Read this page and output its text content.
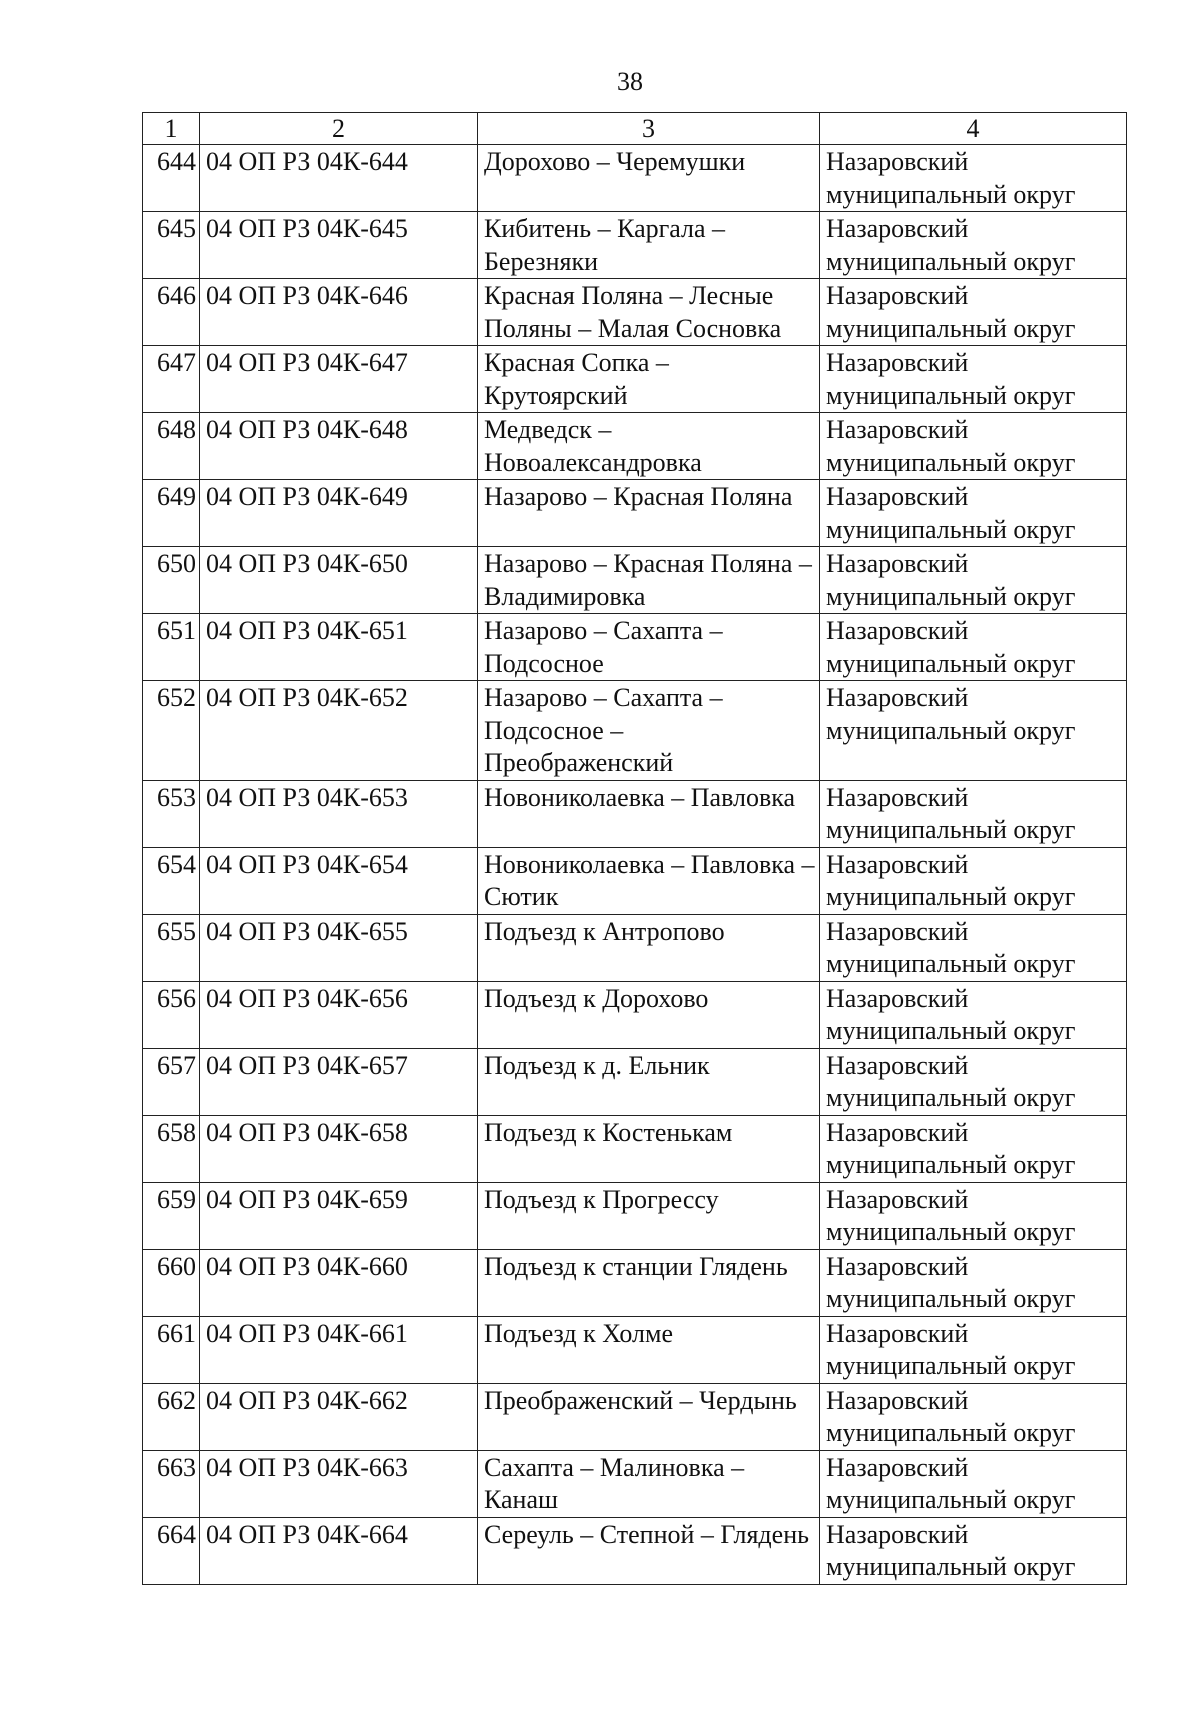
38
1	2	3	4
644	04 ОП РЗ 04К-644	Дорохово – Черемушки	Назаровский
муниципальный округ

645	04 ОП РЗ 04К-645	Кибитень – Каргала – Березняки	Назаровский
муниципальный округ

646	04 ОП РЗ 04К-646	Красная Поляна – Лесные Поляны – Малая Сосновка	Назаровский
муниципальный округ

647	04 ОП РЗ 04К-647	Красная Сопка – Крутоярский	Назаровский
муниципальный округ

648	04 ОП РЗ 04К-648	Медведск – Новоалександровка	Назаровский
муниципальный округ

649	04 ОП РЗ 04К-649	Назарово – Красная Поляна	Назаровский
муниципальный округ

650	04 ОП РЗ 04К-650	Назарово – Красная Поляна – Владимировка	Назаровский
муниципальный округ

651	04 ОП РЗ 04К-651	Назарово – Сахапта – Подсосное	Назаровский
муниципальный округ

652	04 ОП РЗ 04К-652	Назарово – Сахапта – Подсосное – Преображенский	Назаровский
муниципальный округ

653	04 ОП РЗ 04К-653	Новониколаевка – Павловка	Назаровский
муниципальный округ

654	04 ОП РЗ 04К-654	Новониколаевка – Павловка – Сютик	Назаровский
муниципальный округ

655	04 ОП РЗ 04К-655	Подъезд к Антропово	Назаровский
муниципальный округ

656	04 ОП РЗ 04К-656	Подъезд к Дорохово	Назаровский
муниципальный округ

657	04 ОП РЗ 04К-657	Подъезд к д. Ельник	Назаровский
муниципальный округ

658	04 ОП РЗ 04К-658	Подъезд к Костенькам	Назаровский
муниципальный округ

659	04 ОП РЗ 04К-659	Подъезд к Прогрессу	Назаровский
муниципальный округ

660	04 ОП РЗ 04К-660	Подъезд к станции Глядень	Назаровский
муниципальный округ

661	04 ОП РЗ 04К-661	Подъезд к Холме	Назаровский
муниципальный округ

662	04 ОП РЗ 04К-662	Преображенский – Чердынь	Назаровский
муниципальный округ

663	04 ОП РЗ 04К-663	Сахапта – Малиновка – Канаш	Назаровский
муниципальный округ

664	04 ОП РЗ 04К-664	Сереуль – Степной – Глядень	Назаровский
муниципальный округ
